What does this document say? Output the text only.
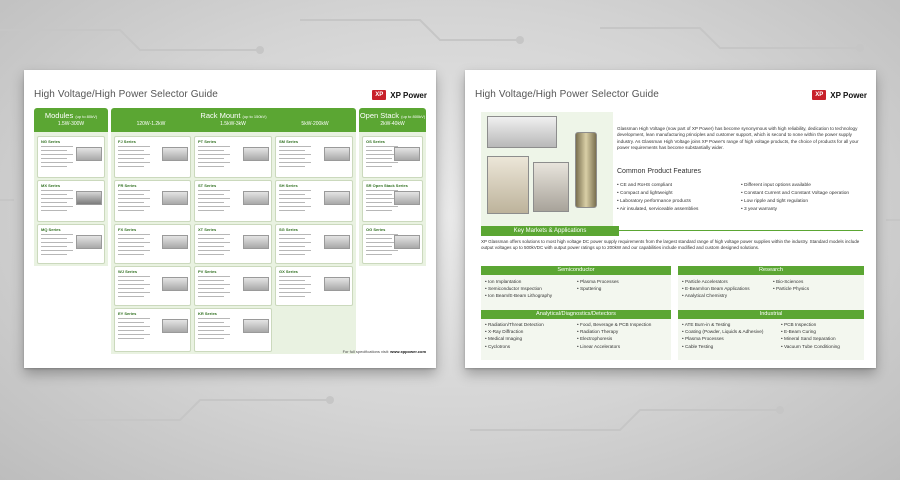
High Voltage/High Power Selector Guide	XP XP Power
Modules (up to 80kV)
1.5W-300W
Rack Mount (up to 150kV)
120W-1.2kW	1.5kW-3kW	5kW-200kW
Open Stack (up to 800kV)
2kW-40kW
NG Series	FJ Series	PT Series	SM Series	OS Series
MX Series	FR Series	ST Series	SH Series	SR Open Stack Series
MQ Series	FX Series	XT Series	SG Series	OG Series
WJ Series	PV Series	GX Series
EY Series	KR Series
For full specifications visit: www.xppower.com
High Voltage/High Power Selector Guide	XP XP Power
Glassman High Voltage (now part of XP Power) has become synonymous with high reliability, dedication to technology development, lean manufacturing principles and customer support, which is second to none within the power supply industry. As Glassman High Voltage joins XP Power's range of high voltage products, the choice of products for all your power requirements has become substantially wider.
Common Product Features
• CE and RoHS compliant
• Compact and lightweight
• Laboratory performance products
• Air insulated, serviceable assemblies
• Different input options available
• Constant Current and Constant Voltage operation
• Low ripple and tight regulation
• 3 year warranty
Key Markets & Applications
XP Glassman offers solutions to most high voltage DC power supply requirements from the largest standard range of high voltage power supplies within the industry. Standard models include output voltages up to 500kVDC with output power ratings up to 200kW and our capabilities include modified and custom designed solutions.
Semiconductor
• Ion Implantation
• Semiconductor Inspection
• Ion Beam/E-Beam Lithography
• Plasma Processes
• Sputtering
Research
• Particle Accelerators
• E-Beam/Ion Beam Applications
• Analytical Chemistry
• Bio-Sciences
• Particle Physics
Analytical/Diagnostics/Detectors
• Radiation/Threat Detection
• X-Ray Diffraction
• Medical Imaging
• Cyclotrons
• Food, Beverage & PCB Inspection
• Radiation Therapy
• Electrophoresis
• Linear Accelerators
Industrial
• ATE Burn-in & Testing
• Coating (Powder, Liquids & Adhesive)
• Plasma Processes
• Cable Testing
• PCB Inspection
• E-Beam Curing
• Mineral Sand Separation
• Vacuum Tube Conditioning
